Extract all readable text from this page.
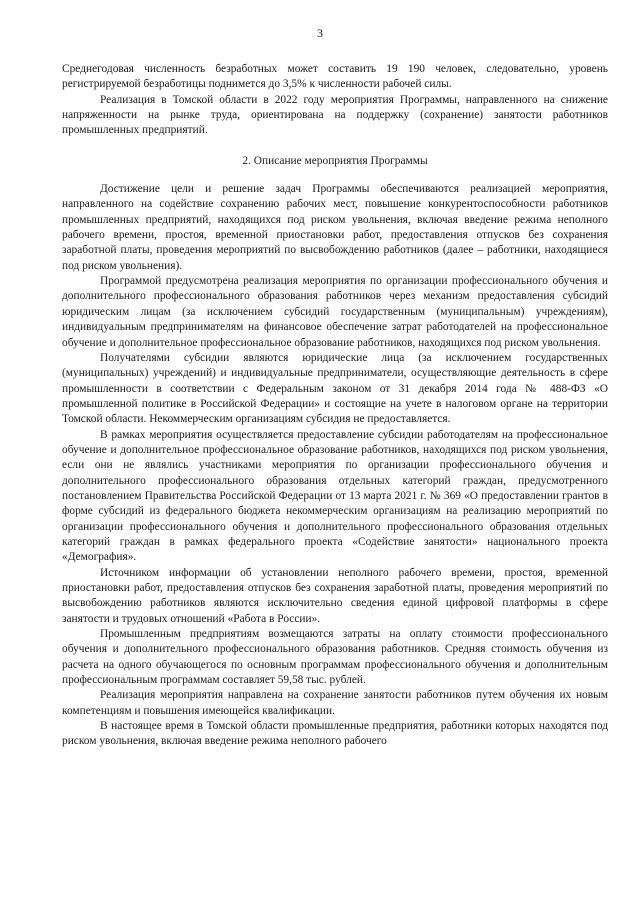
3

Среднегодовая численность безработных может составить 19 190 человек, следовательно, уровень регистрируемой безработицы поднимется до 3,5% к численности рабочей силы.

Реализация в Томской области в 2022 году мероприятия Программы, направленного на снижение напряженности на рынке труда, ориентирована на поддержку (сохранение) занятости работников промышленных предприятий.

2. Описание мероприятия Программы

Достижение цели и решение задач Программы обеспечиваются реализацией мероприятия, направленного на содействие сохранению рабочих мест, повышение конкурентоспособности работников промышленных предприятий, находящихся под риском увольнения, включая введение режима неполного рабочего времени, простоя, временной приостановки работ, предоставления отпусков без сохранения заработной платы, проведения мероприятий по высвобождению работников (далее – работники, находящиеся под риском увольнения).

Программой предусмотрена реализация мероприятия по организации профессионального обучения и дополнительного профессионального образования работников через механизм предоставления субсидий юридическим лицам (за исключением субсидий государственным (муниципальным) учреждениям), индивидуальным предпринимателям на финансовое обеспечение затрат работодателей на профессиональное обучение и дополнительное профессиональное образование работников, находящихся под риском увольнения.

Получателями субсидии являются юридические лица (за исключением государственных (муниципальных) учреждений) и индивидуальные предприниматели, осуществляющие деятельность в сфере промышленности в соответствии с Федеральным законом от 31 декабря 2014 года № 488-ФЗ «О промышленной политике в Российской Федерации» и состоящие на учете в налоговом органе на территории Томской области. Некоммерческим организациям субсидия не предоставляется.

В рамках мероприятия осуществляется предоставление субсидии работодателям на профессиональное обучение и дополнительное профессиональное образование работников, находящихся под риском увольнения, если они не являлись участниками мероприятия по организации профессионального обучения и дополнительного профессионального образования отдельных категорий граждан, предусмотренного постановлением Правительства Российской Федерации от 13 марта 2021 г. № 369 «О предоставлении грантов в форме субсидий из федерального бюджета некоммерческим организациям на реализацию мероприятий по организации профессионального обучения и дополнительного профессионального образования отдельных категорий граждан в рамках федерального проекта «Содействие занятости» национального проекта «Демография».

Источником информации об установлении неполного рабочего времени, простоя, временной приостановки работ, предоставления отпусков без сохранения заработной платы, проведения мероприятий по высвобождению работников являются исключительно сведения единой цифровой платформы в сфере занятости и трудовых отношений «Работа в России».

Промышленным предприятиям возмещаются затраты на оплату стоимости профессионального обучения и дополнительного профессионального образования работников. Средняя стоимость обучения из расчета на одного обучающегося по основным программам профессионального обучения и дополнительным профессиональным программам составляет 59,58 тыс. рублей.

Реализация мероприятия направлена на сохранение занятости работников путем обучения их новым компетенциям и повышения имеющейся квалификации.

В настоящее время в Томской области промышленные предприятия, работники которых находятся под риском увольнения, включая введение режима неполного рабочего
